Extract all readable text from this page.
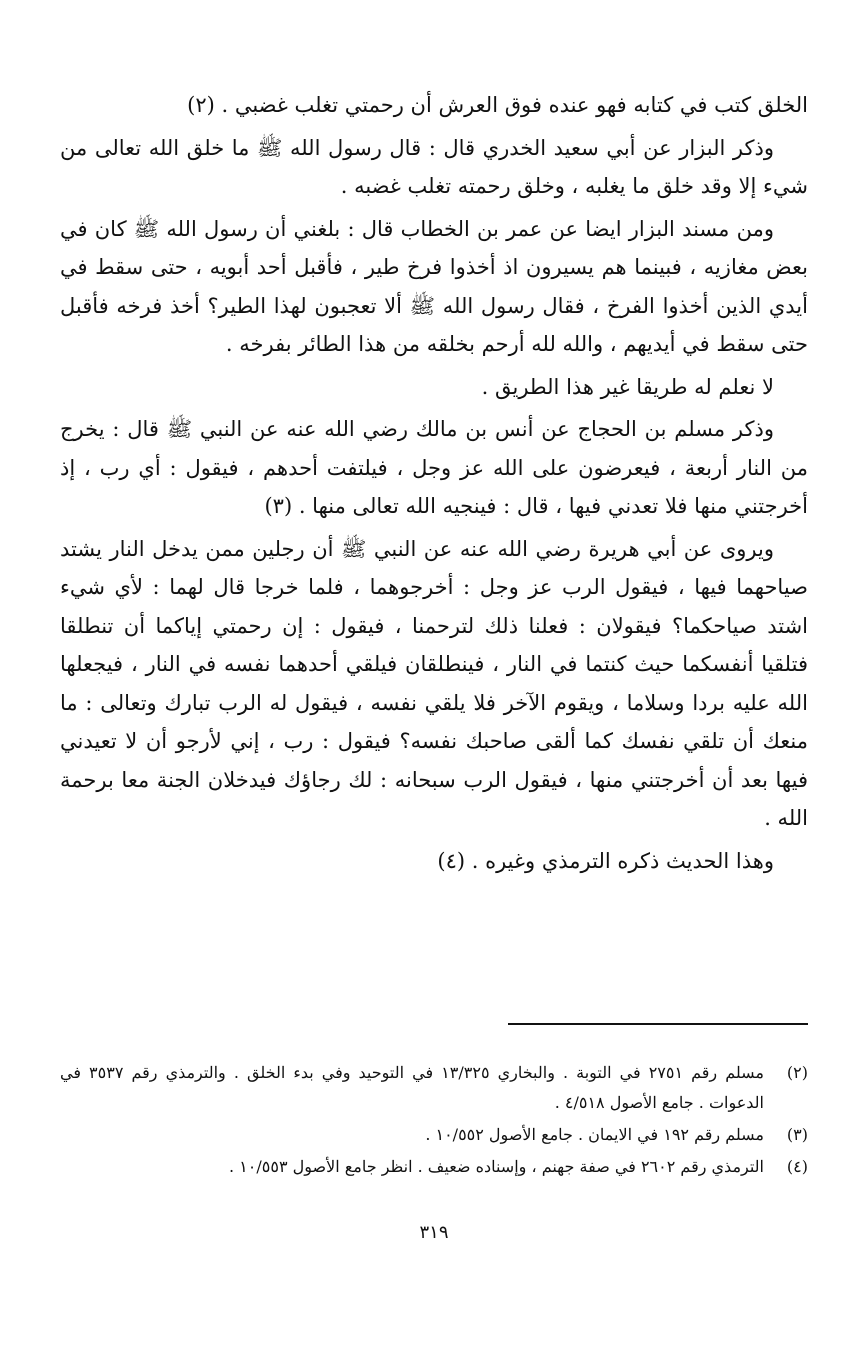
الخلق كتب في كتابه فهو عنده فوق العرش أن رحمتي تغلب غضبي . (٢)

وذكر البزار عن أبي سعيد الخدري قال : قال رسول الله ﷺ ما خلق الله تعالى من شيء إلا وقد خلق ما يغلبه ، وخلق رحمته تغلب غضبه .

ومن مسند البزار ايضا عن عمر بن الخطاب قال : بلغني أن رسول الله ﷺ كان في بعض مغازيه ، فبينما هم يسيرون اذ أخذوا فرخ طير ، فأقبل أحد أبويه ، حتى سقط في أيدي الذين أخذوا الفرخ ، فقال رسول الله ﷺ ألا تعجبون لهذا الطير؟ أخذ فرخه فأقبل حتى سقط في أيديهم ، والله لله أرحم بخلقه من هذا الطائر بفرخه .

لا نعلم له طريقا غير هذا الطريق .

وذكر مسلم بن الحجاج عن أنس بن مالك رضي الله عنه عن النبي ﷺ قال : يخرج من النار أربعة ، فيعرضون على الله عز وجل ، فيلتفت أحدهم ، فيقول : أي رب ، إذ أخرجتني منها فلا تعدني فيها ، قال : فينجيه الله تعالى منها . (٣)

ويروى عن أبي هريرة رضي الله عنه عن النبي ﷺ أن رجلين ممن يدخل النار يشتد صياحهما فيها ، فيقول الرب عز وجل : أخرجوهما ، فلما خرجا قال لهما : لأي شيء اشتد صياحكما؟ فيقولان : فعلنا ذلك لترحمنا ، فيقول : إن رحمتي إياكما أن تنطلقا فتلقيا أنفسكما حيث كنتما في النار ، فينطلقان فيلقي أحدهما نفسه في النار ، فيجعلها الله عليه بردا وسلاما ، ويقوم الآخر فلا يلقي نفسه ، فيقول له الرب تبارك وتعالى : ما منعك أن تلقي نفسك كما ألقى صاحبك نفسه؟ فيقول : رب ، إني لأرجو أن لا تعيدني فيها بعد أن أخرجتني منها ، فيقول الرب سبحانه : لك رجاؤك فيدخلان الجنة معا برحمة الله .

وهذا الحديث ذكره الترمذي وغيره . (٤)

(٢)
مسلم رقم ٢٧٥١ في التوبة . والبخاري ١٣/٣٢٥ في التوحيد وفي بدء الخلق . والترمذي رقم ٣٥٣٧ في الدعوات . جامع الأصول ٤/٥١٨ .
(٣)
مسلم رقم ١٩٢ في الايمان . جامع الأصول ١٠/٥٥٢ .
(٤)
الترمذي رقم ٢٦٠٢ في صفة جهنم ، وإسناده ضعيف . انظر جامع الأصول ١٠/٥٥٣ .
٣١٩
